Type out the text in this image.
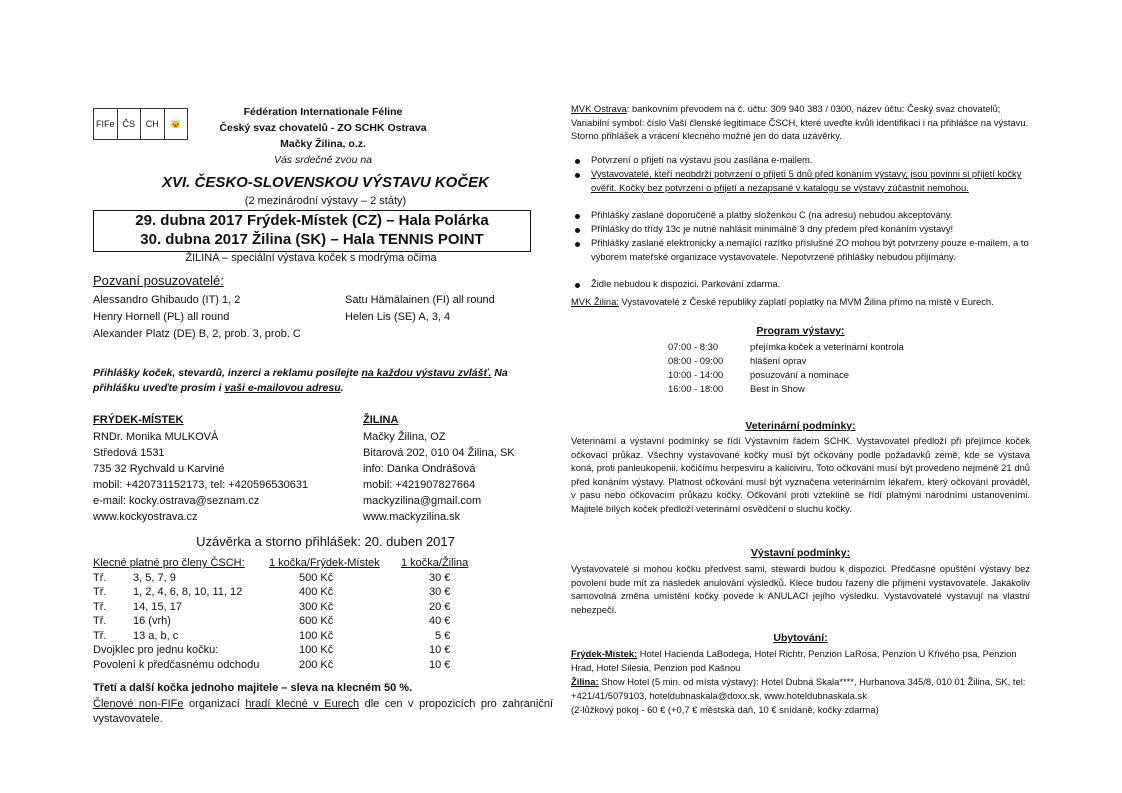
FIFe ČS	CH	🐱
Fédération Internationale Féline
Český svaz chovatelů - ZO SCHK Ostrava
Mačky Žilina, o.z.
Vás srdečně zvou na
XVI. ČESKO-SLOVENSKOU VÝSTAVU KOČEK
(2 mezinárodní výstavy – 2 státy)
29. dubna 2017 Frýdek-Místek (CZ) – Hala Polárka
30. dubna 2017 Žilina (SK) – Hala TENNIS POINT
ŽILINA – speciální výstava koček s modrýma očima
Pozvaní posuzovatelé:
Alessandro Ghibaudo (IT) 1, 2
Henry Hornell (PL) all round
Alexander Platz (DE) B, 2, prob. 3, prob. C
Satu Hämälainen (FI) all round
Helen Lis (SE) A, 3, 4
Přihlášky koček, stevardů, inzerci a reklamu posílejte na každou výstavu zvlášť. Na přihlášku uveďte prosím i vaši e-mailovou adresu.
FRÝDEK-MÍSTEK
RNDr. Monika MULKOVÁ
Středová 1531
735 32 Rychvald u Karviné
mobil: +420731152173, tel: +420596530631
e-mail: kocky.ostrava@seznam.cz
www.kockyostrava.cz
ŽILINA
Mačky Žilina, OZ
Bitarová 202, 010 04 Žilina, SK
info: Danka Ondrášová
mobil: +421907827664
mackyzilina@gmail.com
www.mackyzilina.sk
Uzávěrka a storno přihlášek: 20. duben 2017
Klecné platné pro členy ČSCH:		1 kočka/Frýdek-Místek	1 kočka/Žilina
Tř.	3, 5, 7, 9	500 Kč	30 €
Tř.	1, 2, 4, 6, 8, 10, 11, 12	400 Kč	30 €
Tř.	14, 15, 17	300 Kč	20 €
Tř.	16 (vrh)	600 Kč	40 €
Tř.	13 a, b, c	100 Kč	5 €
Dvojklec pro jednu kočku:		100 Kč	10 €
Povolení k předčasnému odchodu		200 Kč	10 €
Třetí a další kočka jednoho majitele – sleva na klecném 50 %.
Členové non-FIFe organizací hradí klecné v Eurech dle cen v propozicích pro zahraniční vystavovatele.
MVK Ostrava: bankovním převodem na č. účtu: 309 940 383 / 0300, název účtu: Český svaz chovatelů; Variabilní symbol: číslo Vaší členské legitimace ČSCH, které uveďte kvůli identifikaci i na přihlášce na výstavu. Storno přihlášek a vrácení klecného možné jen do data uzávěrky.
Potvrzení o přijetí na výstavu jsou zasílána e-mailem.
Vystavovatelé, kteří neobdrží potvrzení o přijetí 5 dnů před konáním výstavy, jsou povinni si přijetí kočky ověřit. Kočky bez potvrzení o přijetí a nezapsané v katalogu se výstavy zúčastnit nemohou.
Přihlášky zaslané doporučeně a platby složenkou C (na adresu) nebudou akceptovány.
Přihlášky do třídy 13c je nutné nahlásit minimálně 3 dny předem před konáním výstavy!
Přihlášky zaslané elektronicky a nemající razítko příslušné ZO mohou být potvrzeny pouze e-mailem, a to výborem mateřské organizace vystavovatele. Nepotvrzené přihlášky nebudou přijímány.
Židle nebudou k dispozici. Parkování zdarma.
MVK Žilina: Vystavovatelé z České republiky zaplatí poplatky na MVM Žilina přímo na místě v Eurech.
Program výstavy:
07:00 - 8:30	přejímka koček a veterinární kontrola
08:00 - 09:00	hlášení oprav
10:00 - 14:00	posuzování a nominace
16:00 - 18:00	Best in Show
Veterinární podmínky:
Veterinární a výstavní podmínky se řídí Výstavním řádem SCHK. Vystavovatel předloží při přejímce koček očkovací průkaz. Všechny vystavované kočky musí být očkovány podle požadavků země, kde se výstava koná, proti panleukopenii, kočičímu herpesviru a kaliciviru. Toto očkování musí být provedeno nejméně 21 dnů před konáním výstavy. Platnost očkování musí být vyznačena veterinárním lékařem, který očkování prováděl, v pasu nebo očkovacím průkazu kočky. Očkování proti vzteklině se řídí platnými národními ustanoveními. Majitelé bílých koček předloží veterinární osvědčení o sluchu kočky.
Výstavní podmínky:
Vystavovatelé si mohou kočku předvést sami, stewardi budou k dispozici. Předčasné opuštění výstavy bez povolení bude mít za následek anulování výsledků. Klece budou řazeny dle přijmení vystavovatele. Jakákoliv samovolná změna umístění kočky povede k ANULACI jejího výsledku. Vystavovatelé vystavují na vlastní nebezpečí.
Ubytování:
Frýdek-Místek: Hotel Hacienda LaBodega, Hotel Richtr, Penzion LaRosa, Penzion U Křivého psa, Penzion Hrad, Hotel Silesia, Penzion pod Kašnou
Žilina: Show Hotel (5 min. od místa výstavy): Hotel Dubná Skala****, Hurbanova 345/8, 010 01 Žilina, SK, tel: +421/41/5079103, hoteldubnaskala@doxx.sk, www.hoteldubnaskala.sk
(2-lůžkový pokoj - 60 € (+0,7 € městská daň, 10 € snídaně, kočky zdarma)
